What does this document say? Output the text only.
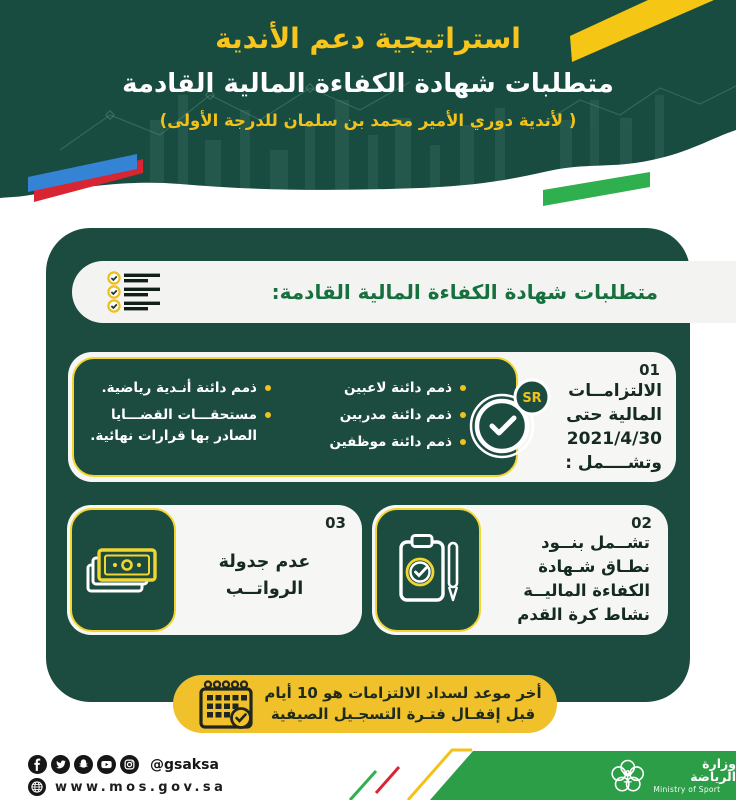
استراتيجية دعم الأندية
متطلبات شهادة الكفاءة المالية القادمة
( لأندية دوري الأمير محمد بن سلمان للدرجة الأولى)
متطلبات شهادة الكفاءة المالية القادمة:
ذمم دائنة لاعبين
ذمم دائنة مدربين
ذمم دائنة موظفين
ذمم دائنة أنـدية رياضية.
مستحقـــات القضـــايا
الصادر بها قرارات نهائية.
SR
01
الالتزامــات
المالية حتى
2021/4/30
وتشــــمل :
03
عدم جدولة
الرواتــب
02
تشــمل بنــود
نطـاق شـهادة
الكفاءة الماليــة
نشاط كرة القدم
أخر موعد لسداد الالتزامات هو 10 أيام
قبل إقفـال فتـرة التسجـيل الصيفية
@gsaksa
www.mos.gov.sa
وزارة الرياضة
Ministry of Sport
